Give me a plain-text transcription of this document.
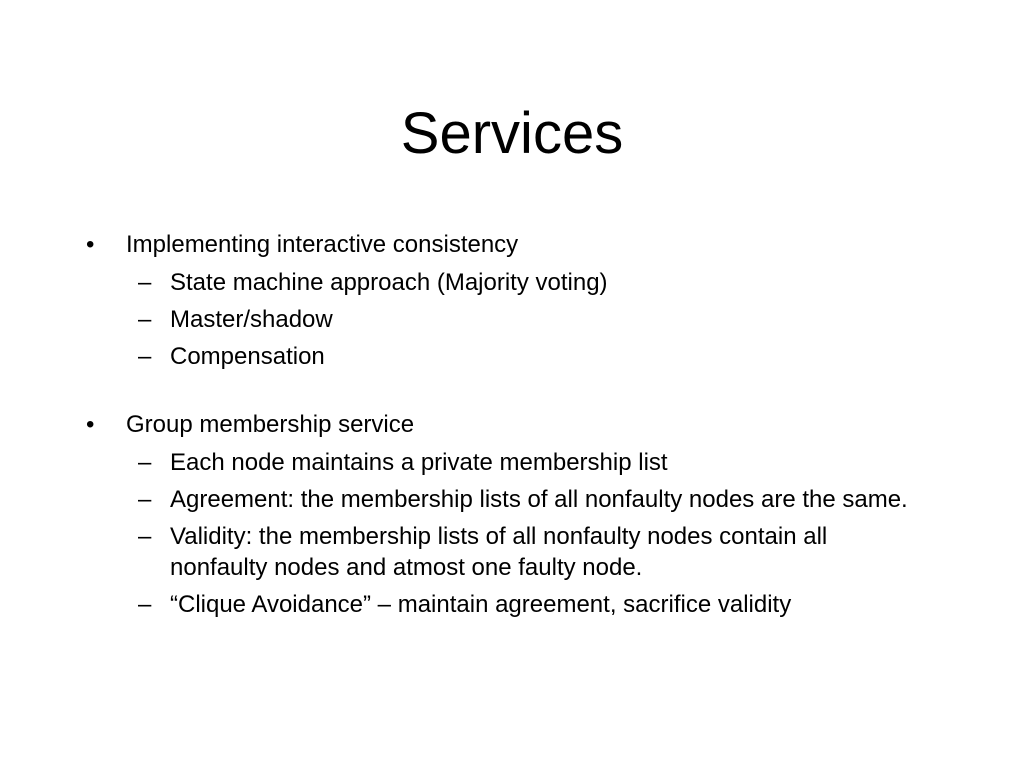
Services
•	Implementing interactive consistency
– State machine approach (Majority voting)
– Master/shadow
– Compensation
•	Group membership service
– Each node maintains a private membership list
– Agreement: the membership lists of all nonfaulty nodes are the same.
– Validity: the membership lists of all nonfaulty nodes contain all nonfaulty nodes and atmost one faulty node.
– “Clique Avoidance” – maintain agreement, sacrifice validity
